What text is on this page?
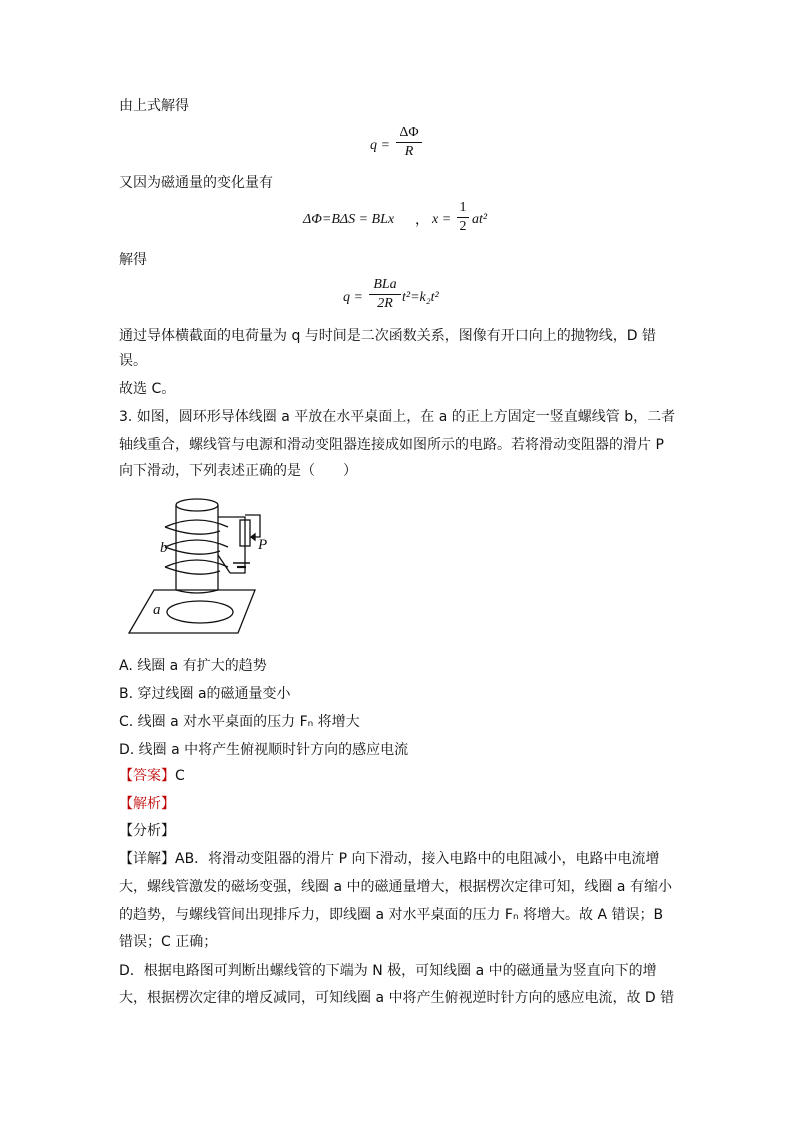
由上式解得
$q = \frac{\Delta\Phi}{R}$
又因为磁通量的变化量有
ΔΦ=BΔS = BLx ， $x = \frac{1}{2} at^2$
解得
q =
BLa
2R t²=k₂t²
通过导体横截面的电荷量为 q 与时间是二次函数关系，图像有开口向上的抛物线，D 错
误。
故选 C。
3. 如图，圆环形导体线圈 a 平放在水平桌面上，在 a 的正上方固定一竖直螺线管 b，二者
轴线重合，螺线管与电源和滑动变阻器连接成如图所示的电路。若将滑动变阻器的滑片 P
向下滑动，下列表述正确的是（　　）
b
a
P
A. 线圈 a 有扩大的趋势
B. 穿过线圈 a的磁通量变小
C. 线圈 a 对水平桌面的压力 Fₙ 将增大
D. 线圈 a 中将产生俯视顺时针方向的感应电流
【答案】C
【解析】
【分析】
【详解】AB．将滑动变阻器的滑片 P 向下滑动，接入电路中的电阻减小，电路中电流增
大，螺线管激发的磁场变强，线圈 a 中的磁通量增大，根据楞次定律可知，线圈 a 有缩小
的趋势，与螺线管间出现排斥力，即线圈 a 对水平桌面的压力 Fₙ 将增大。故 A 错误；B
错误；C 正确；
D．根据电路图可判断出螺线管的下端为 N 极，可知线圈 a 中的磁通量为竖直向下的增
大，根据楞次定律的增反减同，可知线圈 a 中将产生俯视逆时针方向的感应电流，故 D 错
